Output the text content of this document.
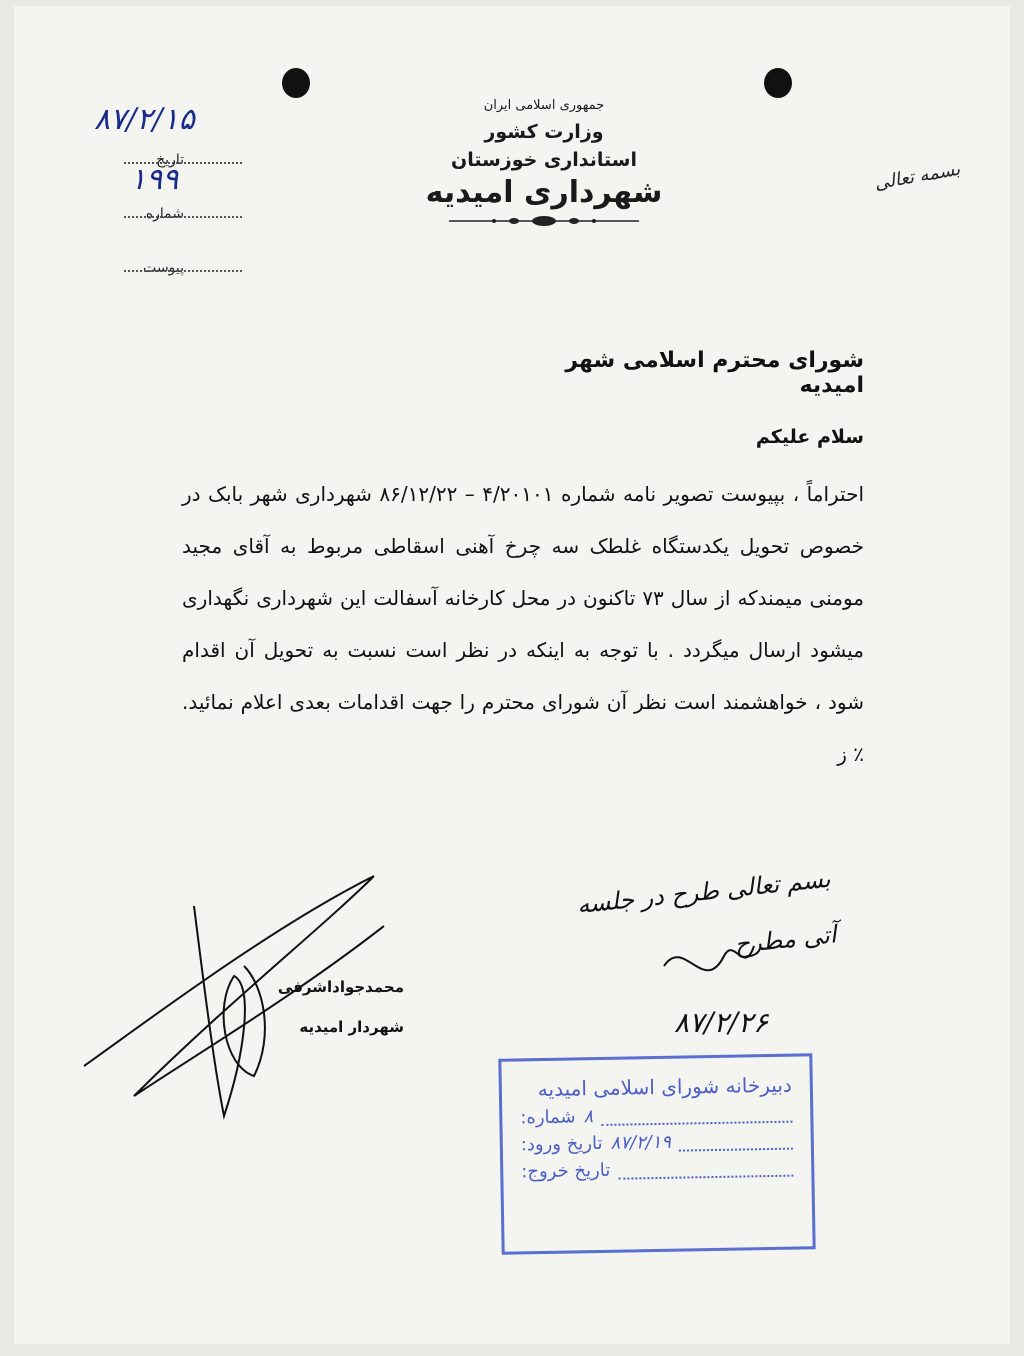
جمهوری اسلامی ایران
وزارت کشور
استانداری خوزستان
شهرداری امیدیه	بسمه تعالی
تاریخ
شماره
پیوست
۸۷/۲/۱۵
۱۹۹
شورای محترم اسلامی شهر امیدیه
سلام علیکم

احتراماً ، بپیوست تصویر نامه شماره ۴/۲۰۱۰۱ – ۸۶/۱۲/۲۲ شهرداری شهر بابک در خصوص تحویل یکدستگاه غلطک سه چرخ آهنی اسقاطی مربوط به آقای مجید مومنی میمندکه از سال ۷۳ تاکنون در محل کارخانه آسفالت این شهرداری نگهداری میشود ارسال میگردد . با توجه به اینکه در نظر است نسبت به تحویل آن اقدام شود ، خواهشمند است نظر آن شورای محترم را جهت اقدامات بعدی اعلام نمائید.٪ ز

محمدجواداشرفی
شهردار امیدیه
بسم تعالی طرح در جلسه آتی مطرح
۸۷/۲/۲۶
دبیرخانه شورای اسلامی امیدیه
شماره: ۸
تاریخ ورود: ۸۷/۲/۱۹
تاریخ خروج:
